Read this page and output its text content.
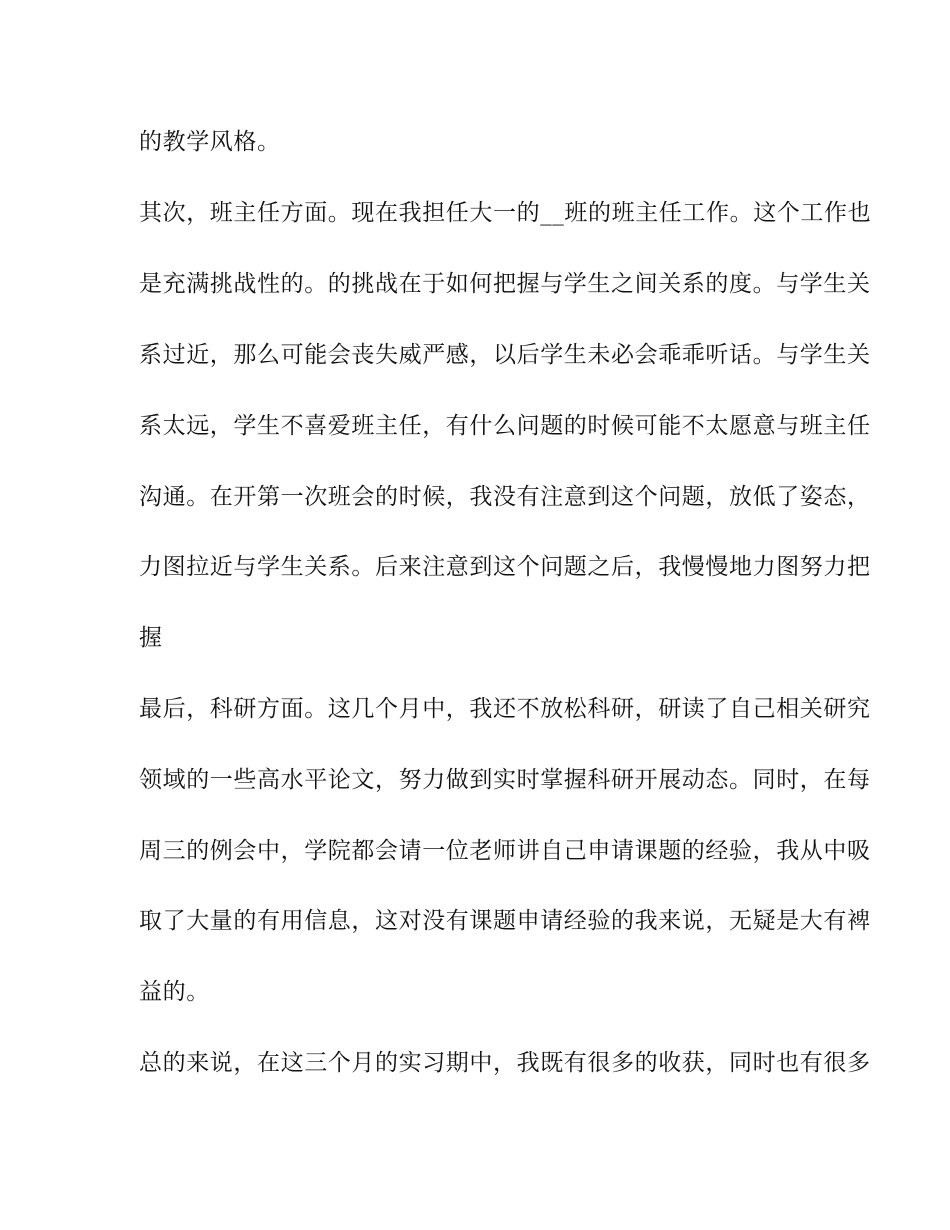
的教学风格。
其次，班主任方面。现在我担任大一的__班的班主任工作。这个工作也
是充满挑战性的。的挑战在于如何把握与学生之间关系的度。与学生关
系过近，那么可能会丧失威严感，以后学生未必会乖乖听话。与学生关
系太远，学生不喜爱班主任，有什么问题的时候可能不太愿意与班主任
沟通。在开第一次班会的时候，我没有注意到这个问题，放低了姿态，
力图拉近与学生关系。后来注意到这个问题之后，我慢慢地力图努力把
握
最后，科研方面。这几个月中，我还不放松科研，研读了自己相关研究
领域的一些高水平论文，努力做到实时掌握科研开展动态。同时，在每
周三的例会中，学院都会请一位老师讲自己申请课题的经验，我从中吸
取了大量的有用信息，这对没有课题申请经验的我来说，无疑是大有裨
益的。
总的来说，在这三个月的实习期中，我既有很多的收获，同时也有很多
